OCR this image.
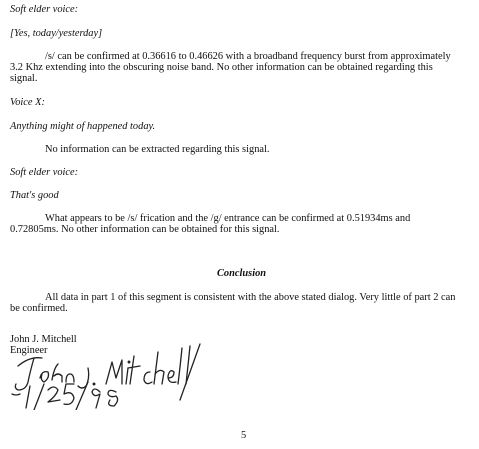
Soft elder voice:
[Yes, today/yesterday]
/s/ can be confirmed at 0.36616 to 0.46626 with a broadband frequency burst from approximately
3.2 Khz extending into the obscuring noise band. No other information can be obtained regarding this
signal.
Voice X:
Anything might of happened today.
No information can be extracted regarding this signal.
Soft elder voice:
That's good
What appears to be /s/ frication and the /g/ entrance can be confirmed at 0.51934ms and
0.72805ms. No other information can be obtained for this signal.
Conclusion
All data in part 1 of this segment is consistent with the above stated dialog. Very little of part 2 can
be confirmed.
John J. Mitchell
Engineer
5
